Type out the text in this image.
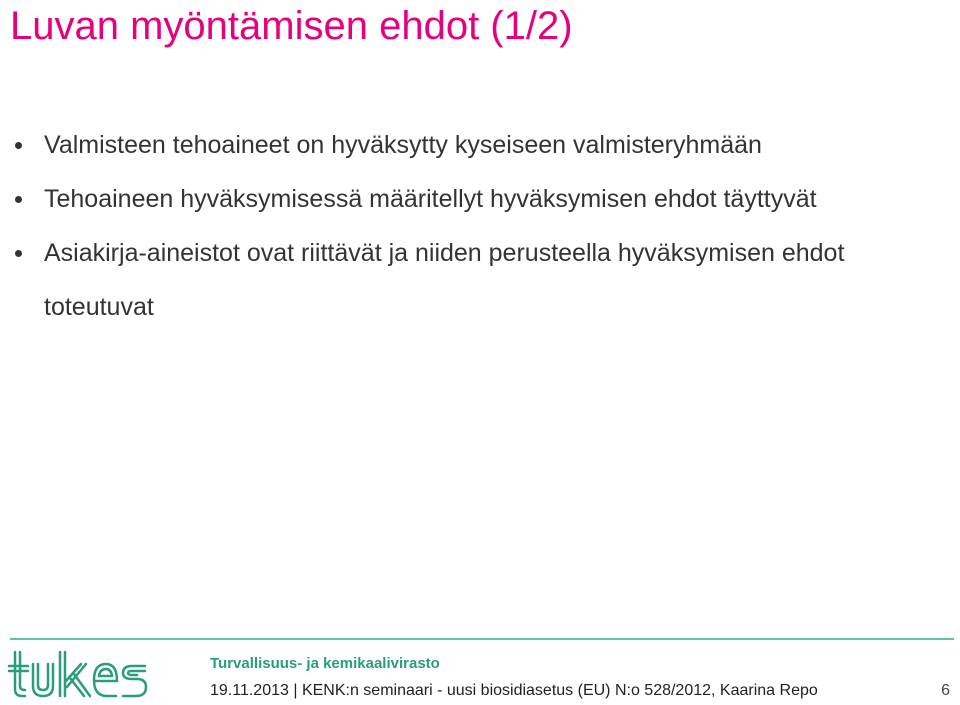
Luvan myöntämisen ehdot (1/2)
Valmisteen tehoaineet on hyväksytty kyseiseen valmisteryhmään
Tehoaineen hyväksymisessä määritellyt hyväksymisen ehdot täyttyvät
Asiakirja-aineistot ovat riittävät ja niiden perusteella hyväksymisen ehdot toteutuvat
Turvallisuus- ja kemikaalivirasto
19.11.2013 | KENK:n seminaari - uusi biosidiasetus (EU) N:o 528/2012, Kaarina Repo	6
